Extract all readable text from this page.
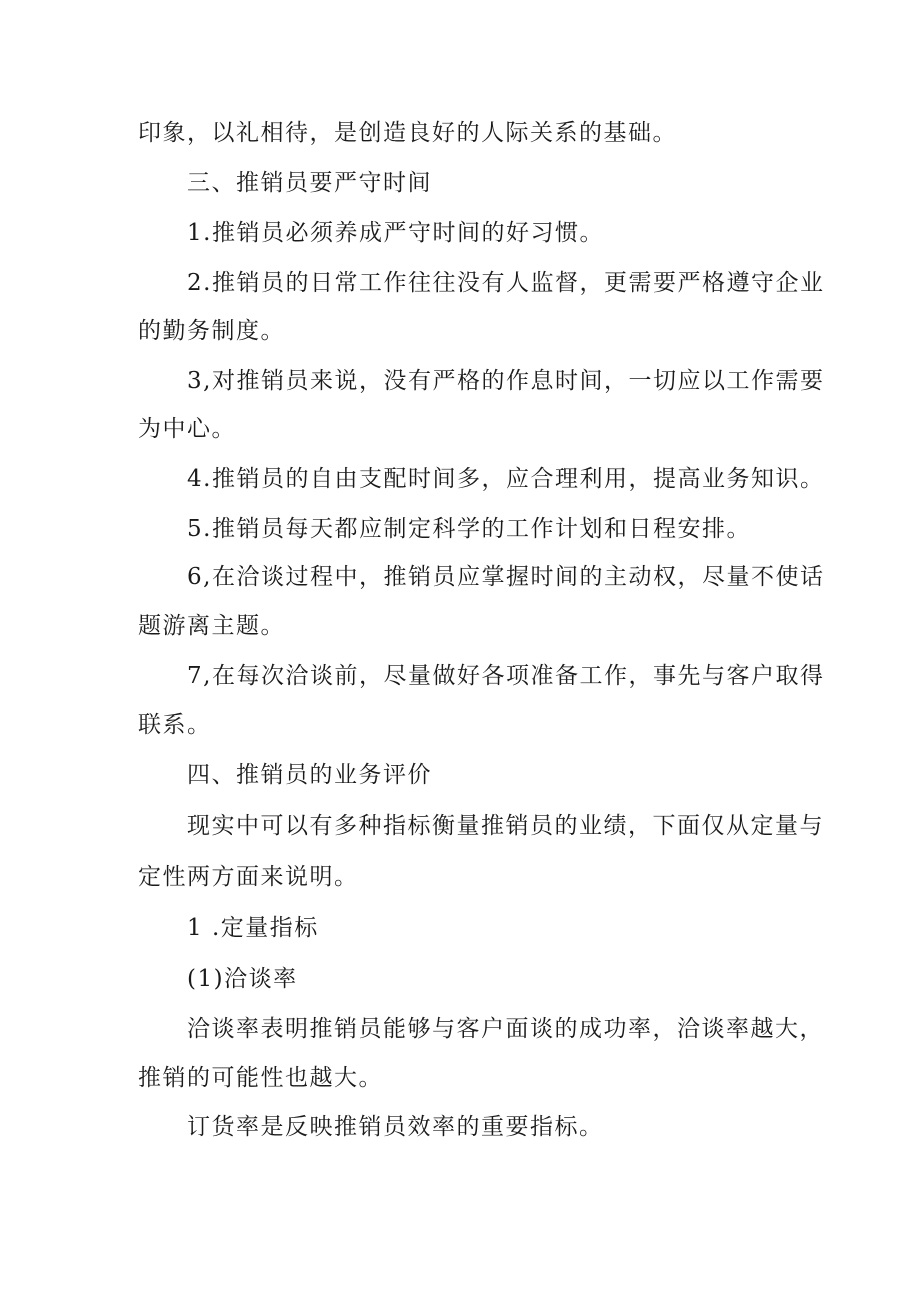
印象，以礼相待，是创造良好的人际关系的基础。
三、推销员要严守时间
1.推销员必须养成严守时间的好习惯。
2.推销员的日常工作往往没有人监督，更需要严格遵守企业
的勤务制度。
3,对推销员来说，没有严格的作息时间，一切应以工作需要
为中心。
4.推销员的自由支配时间多，应合理利用，提高业务知识。
5.推销员每天都应制定科学的工作计划和日程安排。
6,在洽谈过程中，推销员应掌握时间的主动权，尽量不使话
题游离主题。
7,在每次洽谈前，尽量做好各项准备工作，事先与客户取得
联系。
四、推销员的业务评价
现实中可以有多种指标衡量推销员的业绩，下面仅从定量与
定性两方面来说明。
1 .定量指标
(1)洽谈率
洽谈率表明推销员能够与客户面谈的成功率，洽谈率越大，
推销的可能性也越大。
订货率是反映推销员效率的重要指标。
